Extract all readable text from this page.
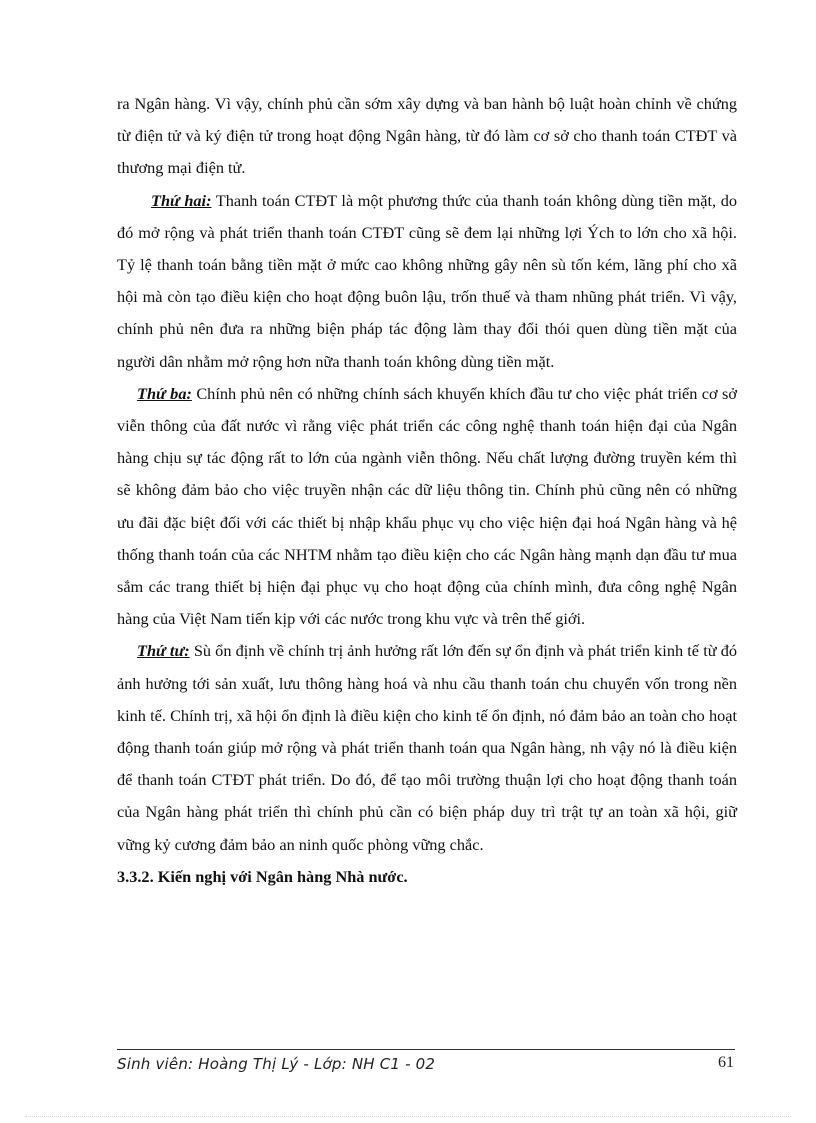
ra Ngân hàng. Vì vậy, chính phủ cần sớm xây dựng và ban hành bộ luật hoàn chỉnh về chứng từ điện tử và ký điện tử trong hoạt động Ngân hàng, từ đó làm cơ sở cho thanh toán CTĐT và thương mại điện tử.

Thứ hai: Thanh toán CTĐT là một phương thức của thanh toán không dùng tiền mặt, do đó mở rộng và phát triển thanh toán CTĐT cũng sẽ đem lại những lợi Ých to lớn cho xã hội. Tỷ lệ thanh toán bằng tiền mặt ở mức cao không những gây nên sù tốn kém, lãng phí cho xã hội mà còn tạo điều kiện cho hoạt động buôn lậu, trốn thuế và tham nhũng phát triển. Vì vậy, chính phủ nên đưa ra những biện pháp tác động làm thay đổi thói quen dùng tiền mặt của người dân nhằm mở rộng hơn nữa thanh toán không dùng tiền mặt.

Thứ ba: Chính phủ nên có những chính sách khuyến khích đầu tư cho việc phát triển cơ sở viễn thông của đất nước vì rằng việc phát triển các công nghệ thanh toán hiện đại của Ngân hàng chịu sự tác động rất to lớn của ngành viễn thông. Nếu chất lượng đường truyền kém thì sẽ không đảm bảo cho việc truyền nhận các dữ liệu thông tin. Chính phủ cũng nên có những ưu đãi đặc biệt đối với các thiết bị nhập khẩu phục vụ cho việc hiện đại hoá Ngân hàng và hệ thống thanh toán của các NHTM nhằm tạo điều kiện cho các Ngân hàng mạnh dạn đầu tư mua sắm các trang thiết bị hiện đại phục vụ cho hoạt động của chính mình, đưa công nghệ Ngân hàng của Việt Nam tiến kịp với các nước trong khu vực và trên thế giới.

Thứ tư: Sù ổn định về chính trị ảnh hưởng rất lớn đến sự ổn định và phát triển kinh tế từ đó ảnh hưởng tới sản xuất, lưu thông hàng hoá và nhu cầu thanh toán chu chuyển vốn trong nền kinh tế. Chính trị, xã hội ổn định là điều kiện cho kinh tế ổn định, nó đảm bảo an toàn cho hoạt động thanh toán giúp mở rộng và phát triển thanh toán qua Ngân hàng, nh vậy nó là điều kiện để thanh toán CTĐT phát triển. Do đó, để tạo môi trường thuận lợi cho hoạt động thanh toán của Ngân hàng phát triển thì chính phủ cần có biện pháp duy trì trật tự an toàn xã hội, giữ vững kỷ cương đảm bảo an ninh quốc phòng vững chắc.

3.3.2. Kiến nghị với Ngân hàng Nhà nước.

Sinh viên: Hoàng Thị Lý - Lớp: NH C1 - 02	61
